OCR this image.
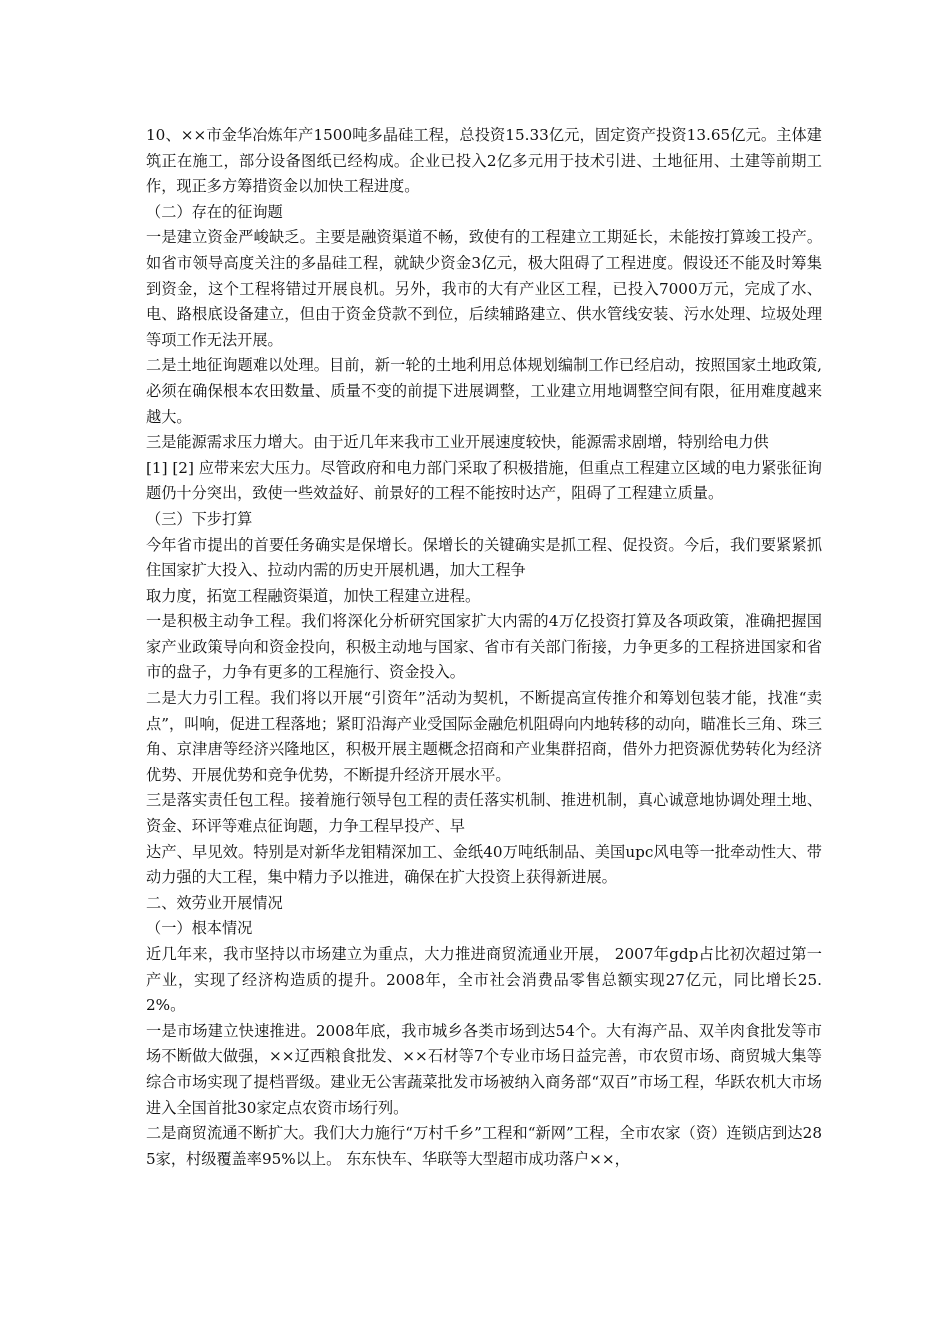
10、××市金华冶炼年产1500吨多晶硅工程，总投资15.33亿元，固定资产投资13.65亿元。主体建筑正在施工，部分设备图纸已经构成。企业已投入2亿多元用于技术引进、土地征用、土建等前期工作，现正多方筹措资金以加快工程进度。

（二）存在的征询题

一是建立资金严峻缺乏。主要是融资渠道不畅，致使有的工程建立工期延长，未能按打算竣工投产。如省市领导高度关注的多晶硅工程，就缺少资金3亿元，极大阻碍了工程进度。假设还不能及时筹集到资金，这个工程将错过开展良机。另外，我市的大有产业区工程，已投入7000万元，完成了水、电、路根底设备建立，但由于资金贷款不到位，后续辅路建立、供水管线安装、污水处理、垃圾处理等项工作无法开展。

二是土地征询题难以处理。目前，新一轮的土地利用总体规划编制工作已经启动，按照国家土地政策,必须在确保根本农田数量、质量不变的前提下进展调整，工业建立用地调整空间有限，征用难度越来越大。

三是能源需求压力增大。由于近几年来我市工业开展速度较快，能源需求剧增，特别给电力供

[1] [2] 应带来宏大压力。尽管政府和电力部门采取了积极措施，但重点工程建立区域的电力紧张征询题仍十分突出，致使一些效益好、前景好的工程不能按时达产，阻碍了工程建立质量。

（三）下步打算

今年省市提出的首要任务确实是保增长。保增长的关键确实是抓工程、促投资。今后，我们要紧紧抓住国家扩大投入、拉动内需的历史开展机遇，加大工程争

取力度，拓宽工程融资渠道，加快工程建立进程。

一是积极主动争工程。我们将深化分析研究国家扩大内需的4万亿投资打算及各项政策，准确把握国家产业政策导向和资金投向，积极主动地与国家、省市有关部门衔接，力争更多的工程挤进国家和省市的盘子，力争有更多的工程施行、资金投入。

二是大力引工程。我们将以开展“引资年”活动为契机，不断提高宣传推介和筹划包装才能，找准“卖点”，叫响，促进工程落地；紧盯沿海产业受国际金融危机阻碍向内地转移的动向，瞄准长三角、珠三角、京津唐等经济兴隆地区，积极开展主题概念招商和产业集群招商，借外力把资源优势转化为经济优势、开展优势和竞争优势，不断提升经济开展水平。

三是落实责任包工程。接着施行领导包工程的责任落实机制、推进机制，真心诚意地协调处理土地、资金、环评等难点征询题，力争工程早投产、早

达产、早见效。特别是对新华龙钼精深加工、金纸40万吨纸制品、美国upc风电等一批牵动性大、带动力强的大工程，集中精力予以推进，确保在扩大投资上获得新进展。

二、效劳业开展情况

（一）根本情况

近几年来，我市坚持以市场建立为重点，大力推进商贸流通业开展， 2007年gdp占比初次超过第一产业，实现了经济构造质的提升。2008年，全市社会消费品零售总额实现27亿元，同比增长25.2%。

一是市场建立快速推进。2008年底，我市城乡各类市场到达54个。大有海产品、双羊肉食批发等市场不断做大做强，××辽西粮食批发、××石材等7个专业市场日益完善，市农贸市场、商贸城大集等综合市场实现了提档晋级。建业无公害蔬菜批发市场被纳入商务部“双百”市场工程，华跃农机大市场进入全国首批30家定点农资市场行列。

二是商贸流通不断扩大。我们大力施行“万村千乡”工程和“新网”工程，全市农家（资）连锁店到达285家，村级覆盖率95%以上。 东东快车、华联等大型超市成功落户××，
